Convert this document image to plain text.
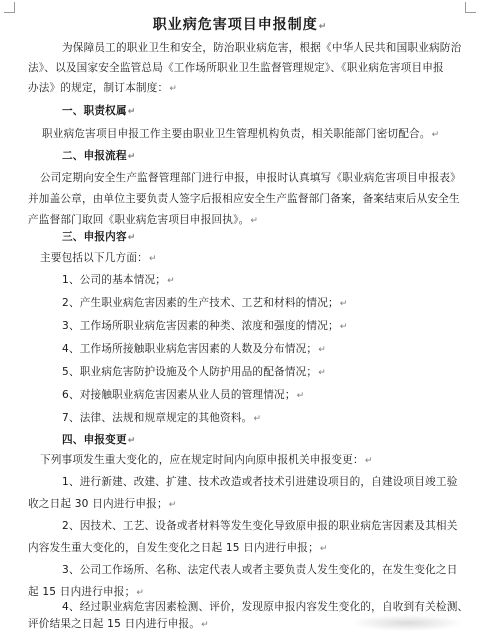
职业病危害项目申报制度↵
为保障员工的职业卫生和安全，防治职业病危害，根据《中华人民共和国职业病防治
法》、以及国家安全监管总局《工作场所职业卫生监督管理规定》、《职业病危害项目申报
办法》的规定，制订本制度：↵
一、职责权属↵
职业病危害项目申报工作主要由职业卫生管理机构负责，相关职能部门密切配合。↵
二、申报流程↵
公司定期向安全生产监督管理部门进行申报，申报时认真填写《职业病危害项目申报表》
并加盖公章，由单位主要负责人签字后报相应安全生产监督部门备案，备案结束后从安全生
产监督部门取回《职业病危害项目申报回执》。↵
三、申报内容↵
主要包括以下几方面：↵
1、公司的基本情况；↵
2、产生职业病危害因素的生产技术、工艺和材料的情况；↵
3、工作场所职业病危害因素的种类、浓度和强度的情况；↵
4、工作场所接触职业病危害因素的人数及分布情况；↵
5、职业病危害防护设施及个人防护用品的配备情况；↵
6、对接触职业病危害因素从业人员的管理情况；↵
7、法律、法规和规章规定的其他资料。↵
四、申报变更↵
下列事项发生重大变化的，应在规定时间内向原申报机关申报变更：↵
1、进行新建、改建、扩建、技术改造或者技术引进建设项目的，自建设项目竣工验
收之日起 30 日内进行申报；↵
2、因技术、工艺、设备或者材料等发生变化导致原申报的职业病危害因素及其相关
内容发生重大变化的，自发生变化之日起 15 日内进行申报；↵
3、公司工作场所、名称、法定代表人或者主要负责人发生变化的，在发生变化之日
起 15 日内进行申报；↵
4、经过职业病危害因素检测、评价，发现原申报内容发生变化的，自收到有关检测、
评价结果之日起 15 日内进行申报。↵
